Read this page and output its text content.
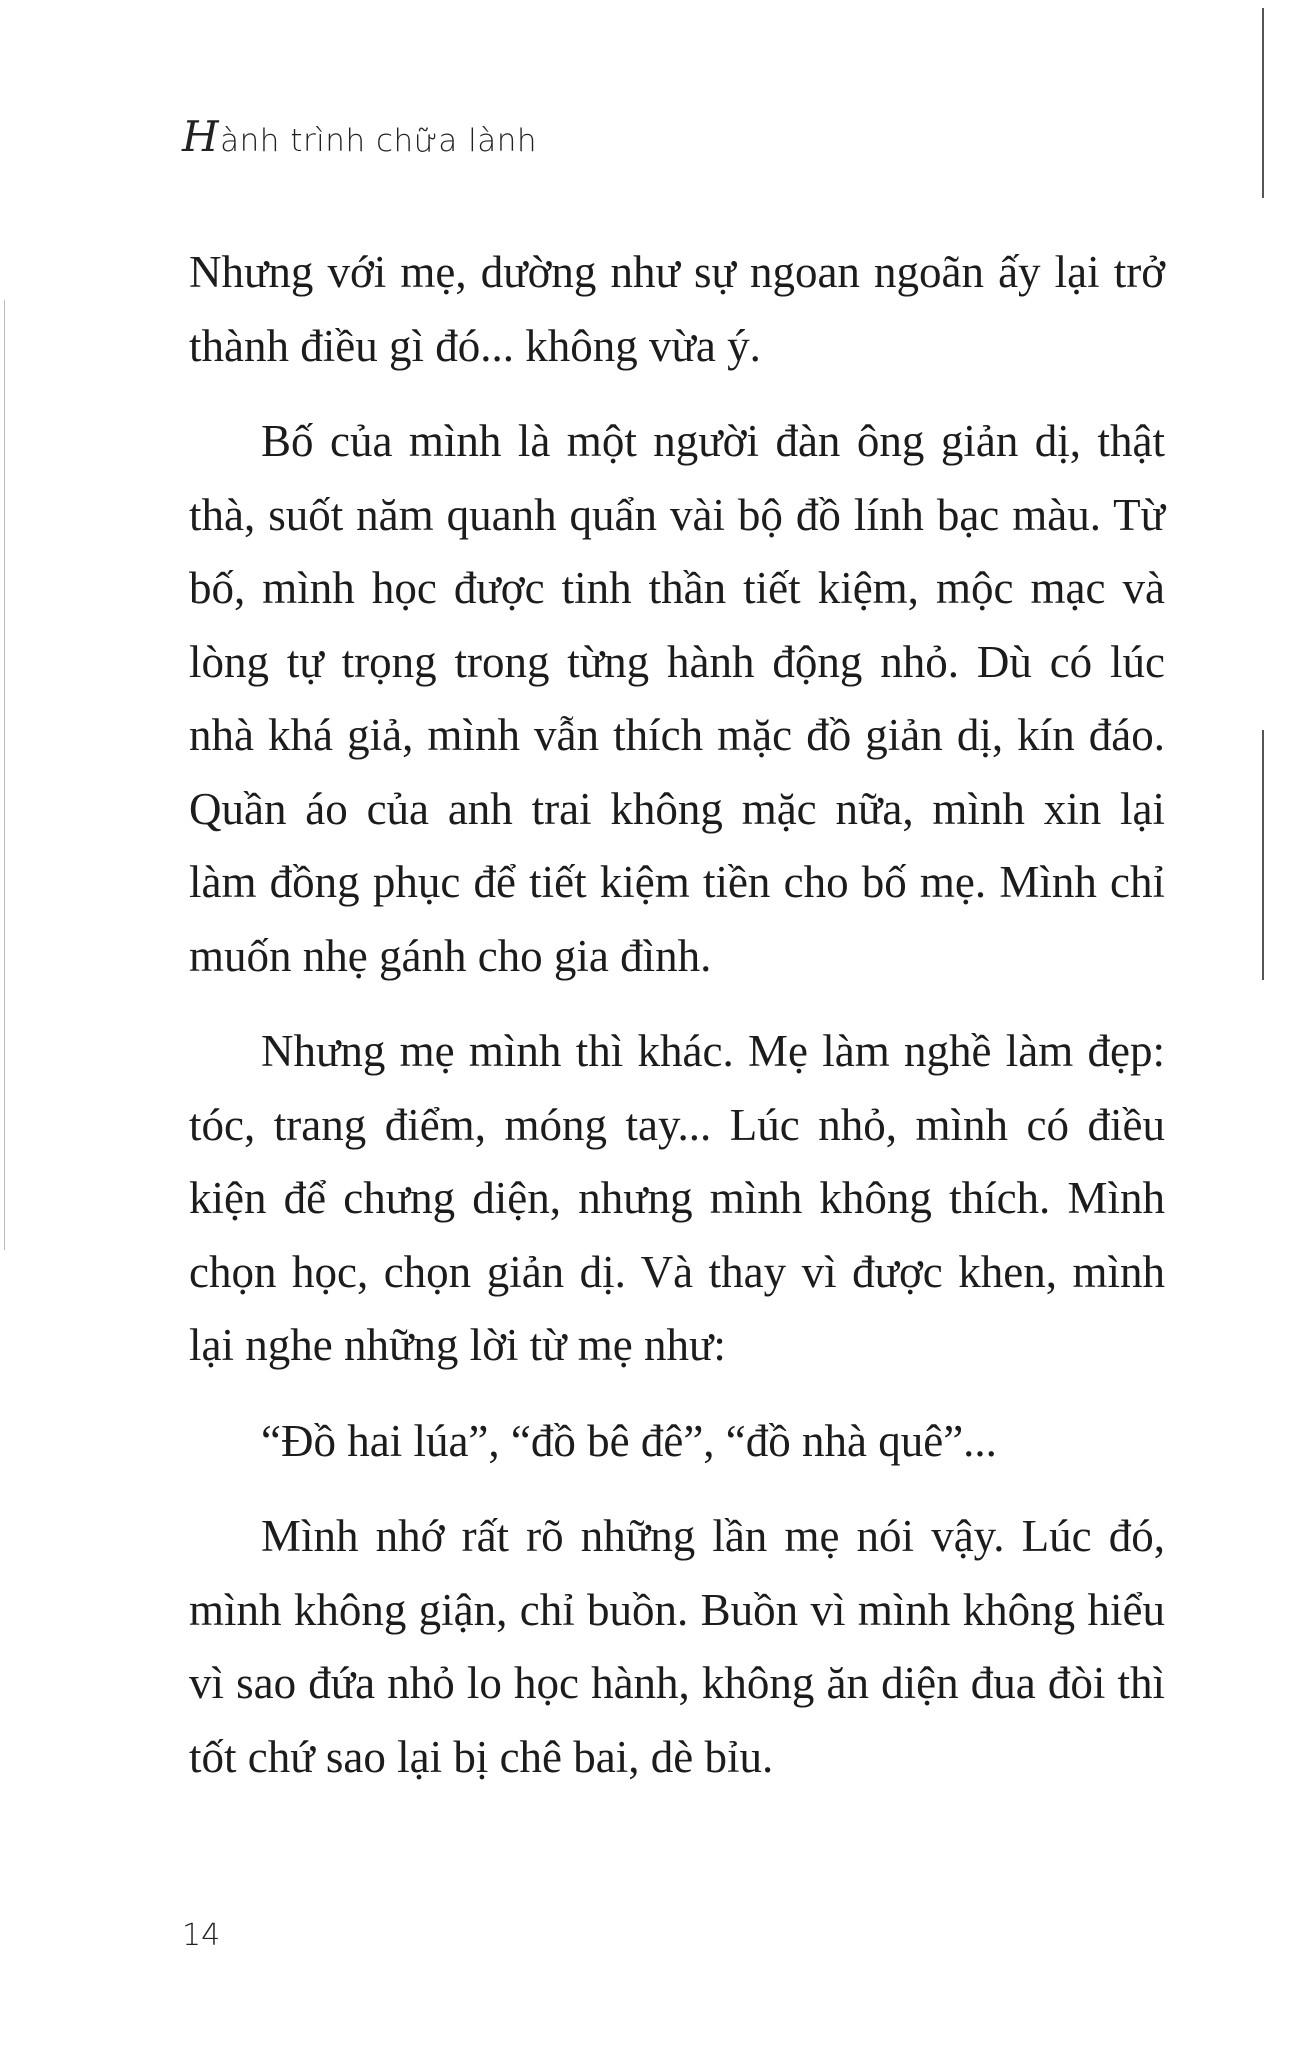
Hành trình chữa lành

Nhưng với mẹ, dường như sự ngoan ngoãn ấy lại trở thành điều gì đó... không vừa ý.

Bố của mình là một người đàn ông giản dị, thật thà, suốt năm quanh quẩn vài bộ đồ lính bạc màu. Từ bố, mình học được tinh thần tiết kiệm, mộc mạc và lòng tự trọng trong từng hành động nhỏ. Dù có lúc nhà khá giả, mình vẫn thích mặc đồ giản dị, kín đáo. Quần áo của anh trai không mặc nữa, mình xin lại làm đồng phục để tiết kiệm tiền cho bố mẹ. Mình chỉ muốn nhẹ gánh cho gia đình.

Nhưng mẹ mình thì khác. Mẹ làm nghề làm đẹp: tóc, trang điểm, móng tay... Lúc nhỏ, mình có điều kiện để chưng diện, nhưng mình không thích. Mình chọn học, chọn giản dị. Và thay vì được khen, mình lại nghe những lời từ mẹ như:

“Đồ hai lúa”, “đồ bê đê”, “đồ nhà quê”...

Mình nhớ rất rõ những lần mẹ nói vậy. Lúc đó, mình không giận, chỉ buồn. Buồn vì mình không hiểu vì sao đứa nhỏ lo học hành, không ăn diện đua đòi thì tốt chứ sao lại bị chê bai, dè bỉu.

14
